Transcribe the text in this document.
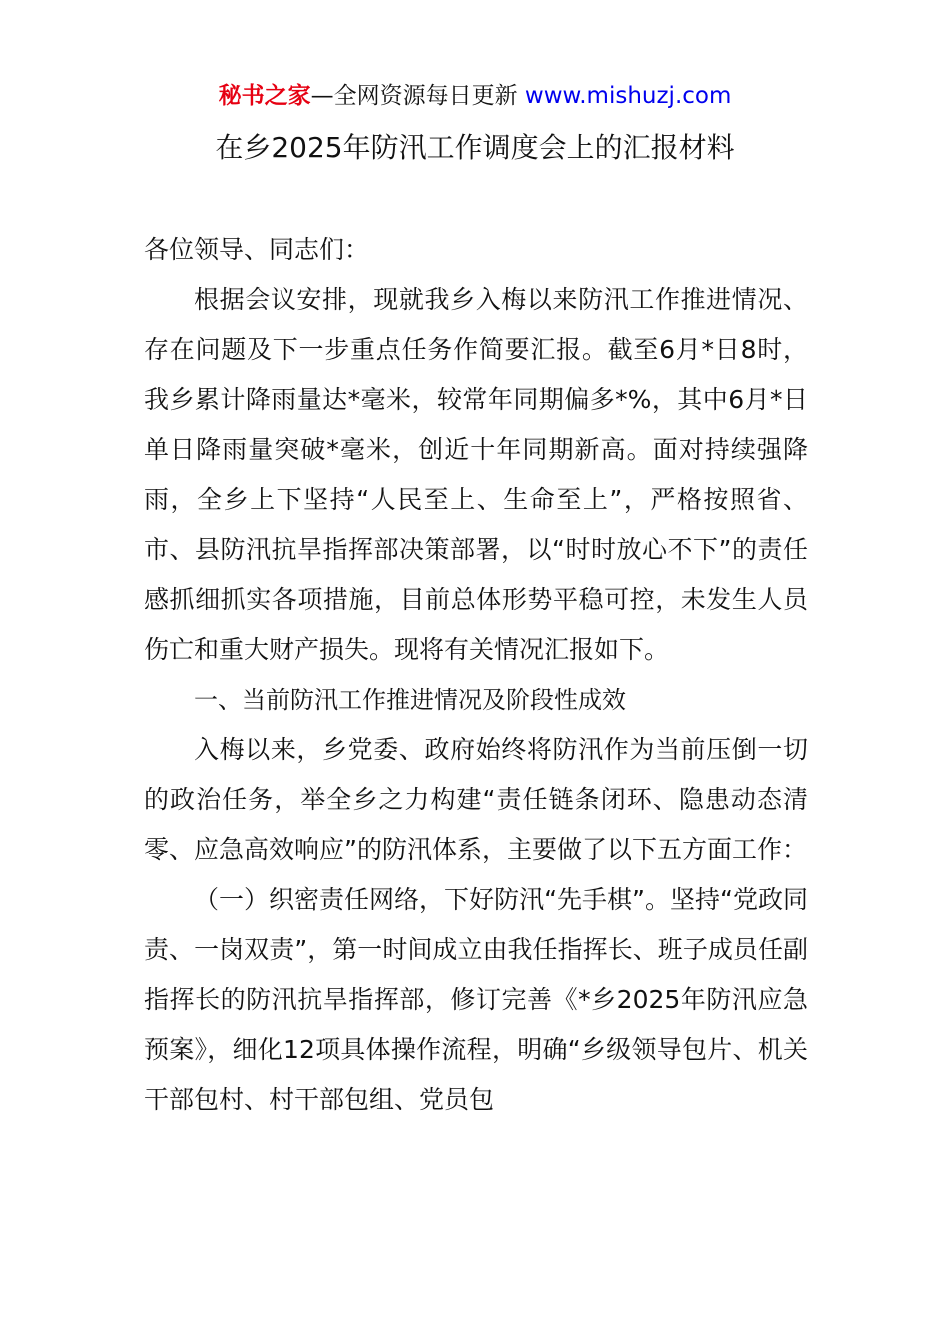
秘书之家—全网资源每日更新 www.mishuzj.com
在乡2025年防汛工作调度会上的汇报材料

各位领导、同志们：

根据会议安排，现就我乡入梅以来防汛工作推进情况、存在问题及下一步重点任务作简要汇报。截至6月*日8时，我乡累计降雨量达*毫米，较常年同期偏多*%，其中6月*日单日降雨量突破*毫米，创近十年同期新高。面对持续强降雨，全乡上下坚持“人民至上、生命至上”，严格按照省、市、县防汛抗旱指挥部决策部署，以“时时放心不下”的责任感抓细抓实各项措施，目前总体形势平稳可控，未发生人员伤亡和重大财产损失。现将有关情况汇报如下。

一、当前防汛工作推进情况及阶段性成效

入梅以来，乡党委、政府始终将防汛作为当前压倒一切的政治任务，举全乡之力构建“责任链条闭环、隐患动态清零、应急高效响应”的防汛体系，主要做了以下五方面工作：

（一）织密责任网络，下好防汛“先手棋”。坚持“党政同责、一岗双责”，第一时间成立由我任指挥长、班子成员任副指挥长的防汛抗旱指挥部，修订完善《*乡2025年防汛应急预案》，细化12项具体操作流程，明确“乡级领导包片、机关干部包村、村干部包组、党员包
